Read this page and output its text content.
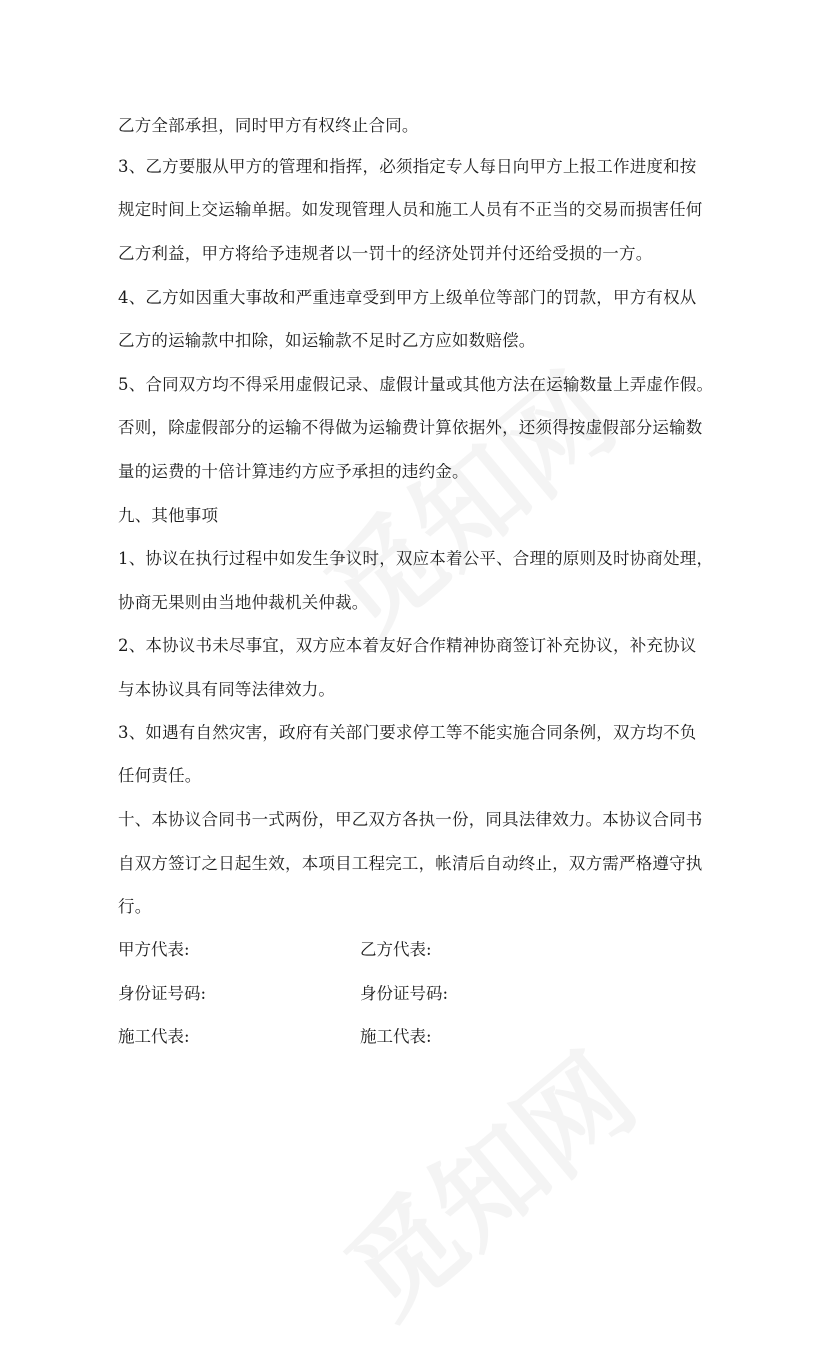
乙方全部承担，同时甲方有权终止合同。
3、乙方要服从甲方的管理和指挥，必须指定专人每日向甲方上报工作进度和按
规定时间上交运输单据。如发现管理人员和施工人员有不正当的交易而损害任何
乙方利益，甲方将给予违规者以一罚十的经济处罚并付还给受损的一方。
4、乙方如因重大事故和严重违章受到甲方上级单位等部门的罚款，甲方有权从
乙方的运输款中扣除，如运输款不足时乙方应如数赔偿。
5、合同双方均不得采用虚假记录、虚假计量或其他方法在运输数量上弄虚作假。
否则，除虚假部分的运输不得做为运输费计算依据外，还须得按虚假部分运输数
量的运费的十倍计算违约方应予承担的违约金。
九、其他事项
1、协议在执行过程中如发生争议时，双应本着公平、合理的原则及时协商处理，
协商无果则由当地仲裁机关仲裁。
2、本协议书未尽事宜，双方应本着友好合作精神协商签订补充协议，补充协议
与本协议具有同等法律效力。
3、如遇有自然灾害，政府有关部门要求停工等不能实施合同条例，双方均不负
任何责任。
十、本协议合同书一式两份，甲乙双方各执一份，同具法律效力。本协议合同书
自双方签订之日起生效，本项目工程完工，帐清后自动终止，双方需严格遵守执
行。
甲方代表:	乙方代表:
身份证号码:	身份证号码:
施工代表:	施工代表:
